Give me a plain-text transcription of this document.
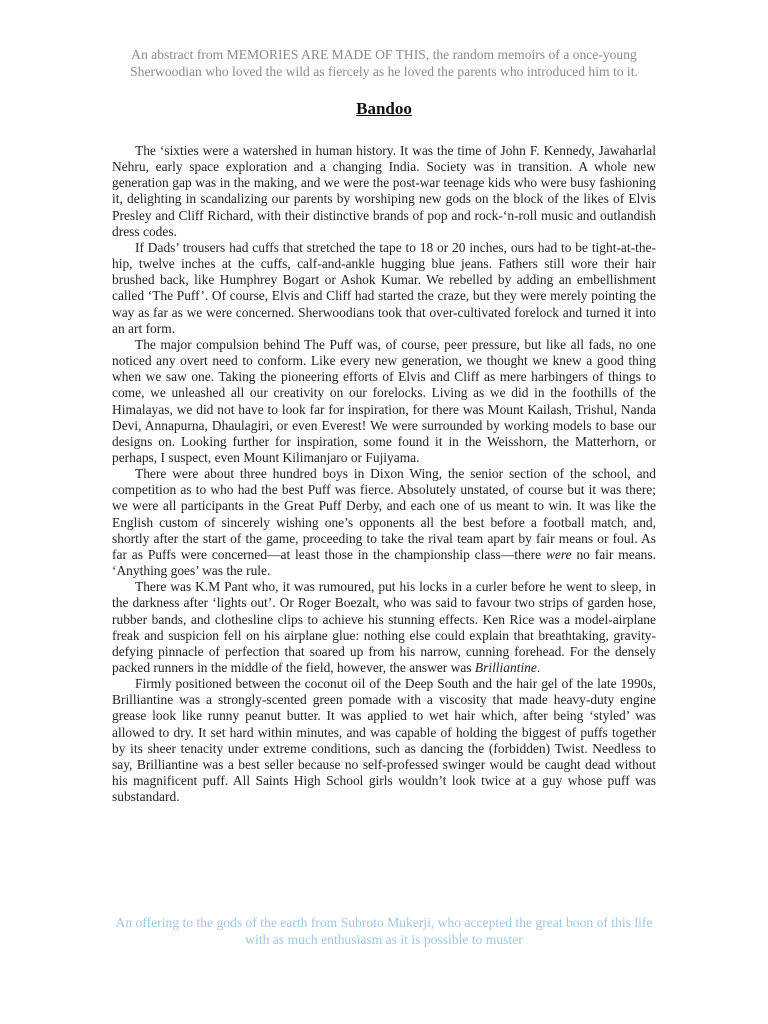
An abstract from MEMORIES ARE MADE OF THIS, the random memoirs of a once-young Sherwoodian who loved the wild as fiercely as he loved the parents who introduced him to it.
Bandoo

The ‘sixties were a watershed in human history. It was the time of John F. Kennedy, Jawaharlal Nehru, early space exploration and a changing India. Society was in transition. A whole new generation gap was in the making, and we were the post-war teenage kids who were busy fashioning it, delighting in scandalizing our parents by worshiping new gods on the block of the likes of Elvis Presley and Cliff Richard, with their distinctive brands of pop and rock-‘n-roll music and outlandish dress codes.

If Dads’ trousers had cuffs that stretched the tape to 18 or 20 inches, ours had to be tight-at-the-hip, twelve inches at the cuffs, calf-and-ankle hugging blue jeans. Fathers still wore their hair brushed back, like Humphrey Bogart or Ashok Kumar. We rebelled by adding an embellishment called ‘The Puff’. Of course, Elvis and Cliff had started the craze, but they were merely pointing the way as far as we were concerned. Sherwoodians took that over-cultivated forelock and turned it into an art form.

The major compulsion behind The Puff was, of course, peer pressure, but like all fads, no one noticed any overt need to conform. Like every new generation, we thought we knew a good thing when we saw one. Taking the pioneering efforts of Elvis and Cliff as mere harbingers of things to come, we unleashed all our creativity on our forelocks. Living as we did in the foothills of the Himalayas, we did not have to look far for inspiration, for there was Mount Kailash, Trishul, Nanda Devi, Annapurna, Dhaulagiri, or even Everest! We were surrounded by working models to base our designs on. Looking further for inspiration, some found it in the Weisshorn, the Matterhorn, or perhaps, I suspect, even Mount Kilimanjaro or Fujiyama.

There were about three hundred boys in Dixon Wing, the senior section of the school, and competition as to who had the best Puff was fierce. Absolutely unstated, of course but it was there; we were all participants in the Great Puff Derby, and each one of us meant to win. It was like the English custom of sincerely wishing one’s opponents all the best before a football match, and, shortly after the start of the game, proceeding to take the rival team apart by fair means or foul. As far as Puffs were concerned—at least those in the championship class—there were no fair means. ‘Anything goes’ was the rule.

There was K.M Pant who, it was rumoured, put his locks in a curler before he went to sleep, in the darkness after ‘lights out’. Or Roger Boezalt, who was said to favour two strips of garden hose, rubber bands, and clothesline clips to achieve his stunning effects. Ken Rice was a model-airplane freak and suspicion fell on his airplane glue: nothing else could explain that breathtaking, gravity-defying pinnacle of perfection that soared up from his narrow, cunning forehead. For the densely packed runners in the middle of the field, however, the answer was Brilliantine.

Firmly positioned between the coconut oil of the Deep South and the hair gel of the late 1990s, Brilliantine was a strongly-scented green pomade with a viscosity that made heavy-duty engine grease look like runny peanut butter. It was applied to wet hair which, after being ‘styled’ was allowed to dry. It set hard within minutes, and was capable of holding the biggest of puffs together by its sheer tenacity under extreme conditions, such as dancing the (forbidden) Twist. Needless to say, Brilliantine was a best seller because no self-professed swinger would be caught dead without his magnificent puff. All Saints High School girls wouldn’t look twice at a guy whose puff was substandard.

An offering to the gods of the earth from Subroto Mukerji, who accepted the great boon of this life with as much enthusiasm as it is possible to muster
